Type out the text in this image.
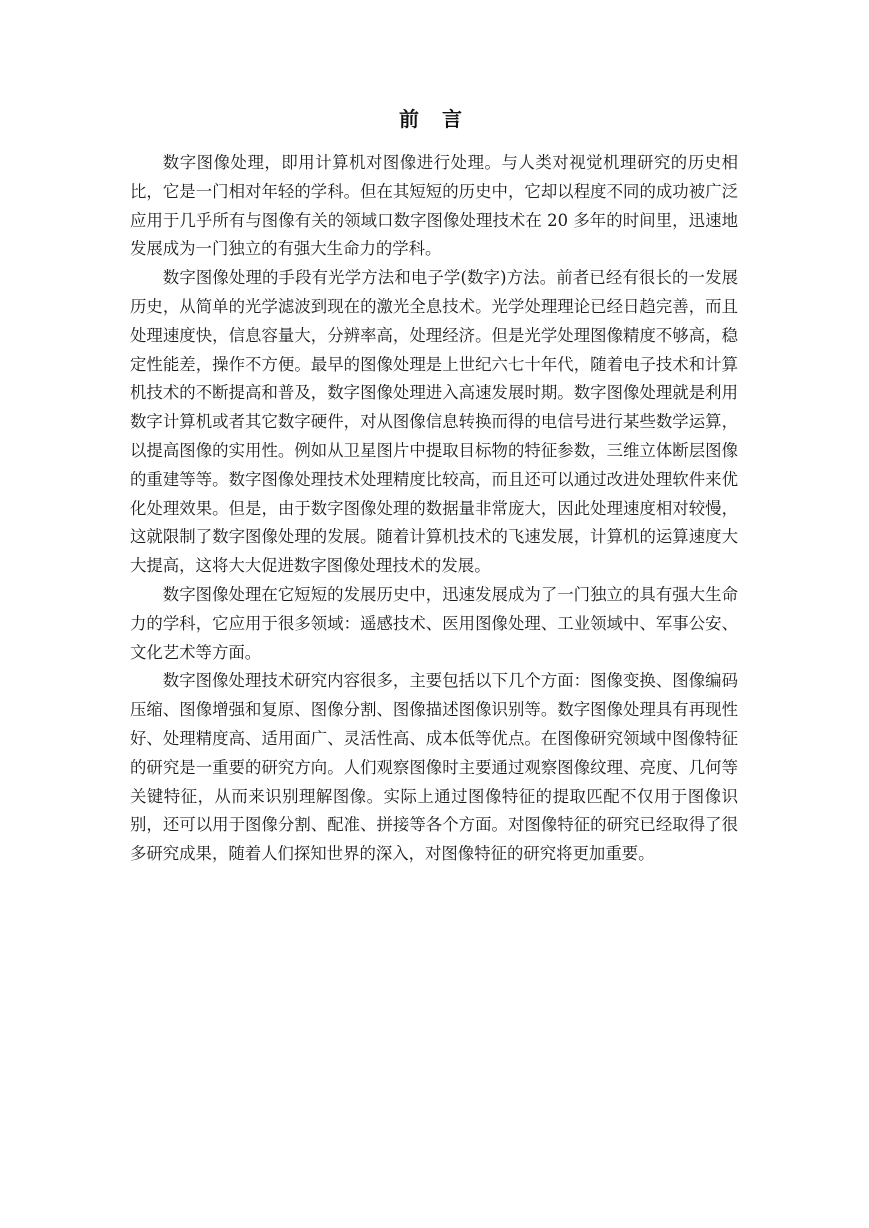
前 言

数字图像处理，即用计算机对图像进行处理。与人类对视觉机理研究的历史相比，它是一门相对年轻的学科。但在其短短的历史中，它却以程度不同的成功被广泛应用于几乎所有与图像有关的领域口数字图像处理技术在 20 多年的时间里，迅速地发展成为一门独立的有强大生命力的学科。

数字图像处理的手段有光学方法和电子学(数字)方法。前者已经有很长的一发展历史，从简单的光学滤波到现在的激光全息技术。光学处理理论已经日趋完善，而且处理速度快，信息容量大，分辨率高，处理经济。但是光学处理图像精度不够高，稳定性能差，操作不方便。最早的图像处理是上世纪六七十年代，随着电子技术和计算机技术的不断提高和普及，数字图像处理进入高速发展时期。数字图像处理就是利用数字计算机或者其它数字硬件，对从图像信息转换而得的电信号进行某些数学运算，以提高图像的实用性。例如从卫星图片中提取目标物的特征参数，三维立体断层图像的重建等等。数字图像处理技术处理精度比较高，而且还可以通过改进处理软件来优化处理效果。但是，由于数字图像处理的数据量非常庞大，因此处理速度相对较慢，这就限制了数字图像处理的发展。随着计算机技术的飞速发展，计算机的运算速度大大提高，这将大大促进数字图像处理技术的发展。

数字图像处理在它短短的发展历史中，迅速发展成为了一门独立的具有强大生命力的学科，它应用于很多领域：遥感技术、医用图像处理、工业领域中、军事公安、文化艺术等方面。

数字图像处理技术研究内容很多，主要包括以下几个方面：图像变换、图像编码压缩、图像增强和复原、图像分割、图像描述图像识别等。数字图像处理具有再现性好、处理精度高、适用面广、灵活性高、成本低等优点。在图像研究领域中图像特征的研究是一重要的研究方向。人们观察图像时主要通过观察图像纹理、亮度、几何等关键特征，从而来识别理解图像。实际上通过图像特征的提取匹配不仅用于图像识别，还可以用于图像分割、配准、拼接等各个方面。对图像特征的研究已经取得了很多研究成果，随着人们探知世界的深入，对图像特征的研究将更加重要。
